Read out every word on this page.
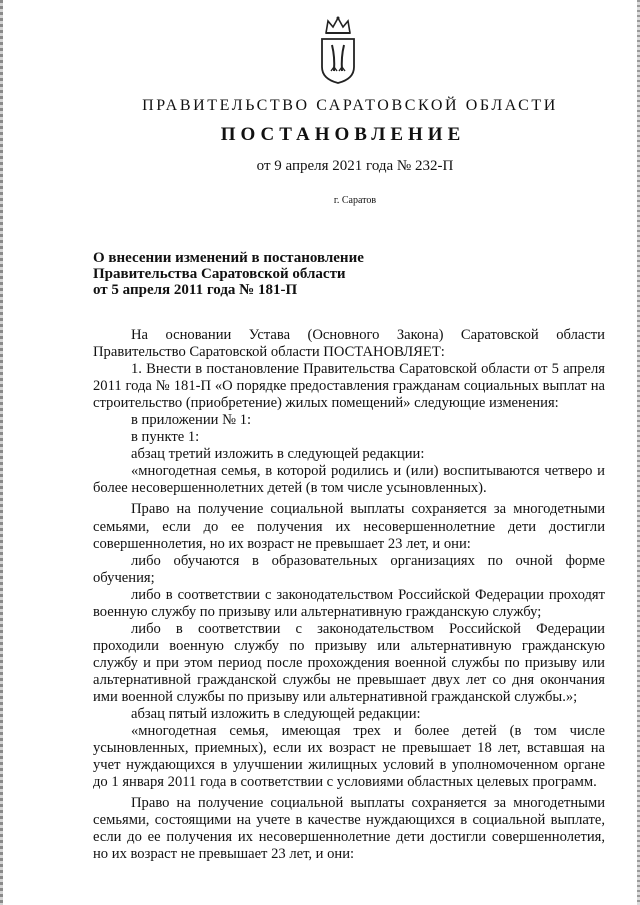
ПРАВИТЕЛЬСТВО САРАТОВСКОЙ ОБЛАСТИ
ПОСТАНОВЛЕНИЕ
от 9 апреля 2021 года № 232-П
г. Саратов
О внесении изменений в постановление
Правительства Саратовской области
от 5 апреля 2011 года № 181-П

На основании Устава (Основного Закона) Саратовской области Правительство Саратовской области ПОСТАНОВЛЯЕТ:

1. Внести в постановление Правительства Саратовской области от 5 апреля 2011 года № 181-П «О порядке предоставления гражданам социальных выплат на строительство (приобретение) жилых помещений» следующие изменения:

в приложении № 1:

в пункте 1:

абзац третий изложить в следующей редакции:

«многодетная семья, в которой родились и (или) воспитываются четверо и более несовершеннолетних детей (в том числе усыновленных).

Право на получение социальной выплаты сохраняется за многодетными семьями, если до ее получения их несовершеннолетние дети достигли совершеннолетия, но их возраст не превышает 23 лет, и они:

либо обучаются в образовательных организациях по очной форме обучения;

либо в соответствии с законодательством Российской Федерации проходят военную службу по призыву или альтернативную гражданскую службу;

либо в соответствии с законодательством Российской Федерации проходили военную службу по призыву или альтернативную гражданскую службу и при этом период после прохождения военной службы по призыву или альтернативной гражданской службы не превышает двух лет со дня окончания ими военной службы по призыву или альтернативной гражданской службы.»;

абзац пятый изложить в следующей редакции:

«многодетная семья, имеющая трех и более детей (в том числе усыновленных, приемных), если их возраст не превышает 18 лет, вставшая на учет нуждающихся в улучшении жилищных условий в уполномоченном органе до 1 января 2011 года в соответствии с условиями областных целевых программ.

Право на получение социальной выплаты сохраняется за многодетными семьями, состоящими на учете в качестве нуждающихся в социальной выплате, если до ее получения их несовершеннолетние дети достигли совершеннолетия, но их возраст не превышает 23 лет, и они:
